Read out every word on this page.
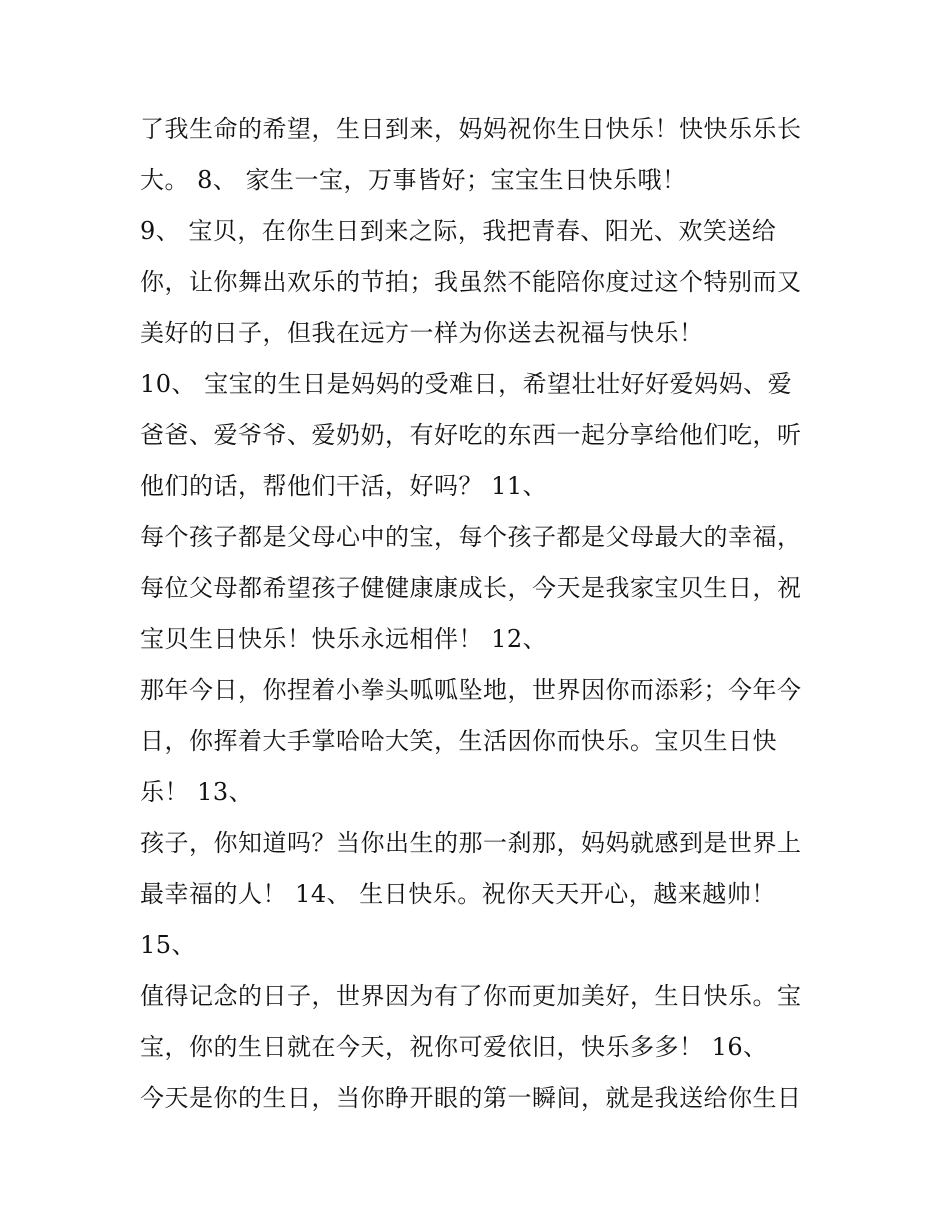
了我生命的希望，生日到来，妈妈祝你生日快乐！快快乐乐长
大。 8、 家生一宝，万事皆好；宝宝生日快乐哦！
9、 宝贝，在你生日到来之际，我把青春、阳光、欢笑送给
你，让你舞出欢乐的节拍；我虽然不能陪你度过这个特别而又
美好的日子，但我在远方一样为你送去祝福与快乐！
10、 宝宝的生日是妈妈的受难日，希望壮壮好好爱妈妈、爱
爸爸、爱爷爷、爱奶奶，有好吃的东西一起分享给他们吃，听
他们的话，帮他们干活，好吗？ 11、
每个孩子都是父母心中的宝，每个孩子都是父母最大的幸福，
每位父母都希望孩子健健康康成长，今天是我家宝贝生日，祝
宝贝生日快乐！快乐永远相伴！ 12、
那年今日，你捏着小拳头呱呱坠地，世界因你而添彩；今年今
日，你挥着大手掌哈哈大笑，生活因你而快乐。宝贝生日快
乐！ 13、
孩子，你知道吗？当你出生的那一刹那，妈妈就感到是世界上
最幸福的人！ 14、 生日快乐。祝你天天开心，越来越帅！
15、
值得记念的日子，世界因为有了你而更加美好，生日快乐。宝
宝，你的生日就在今天，祝你可爱依旧，快乐多多！ 16、
今天是你的生日，当你睁开眼的第一瞬间，就是我送给你生日
